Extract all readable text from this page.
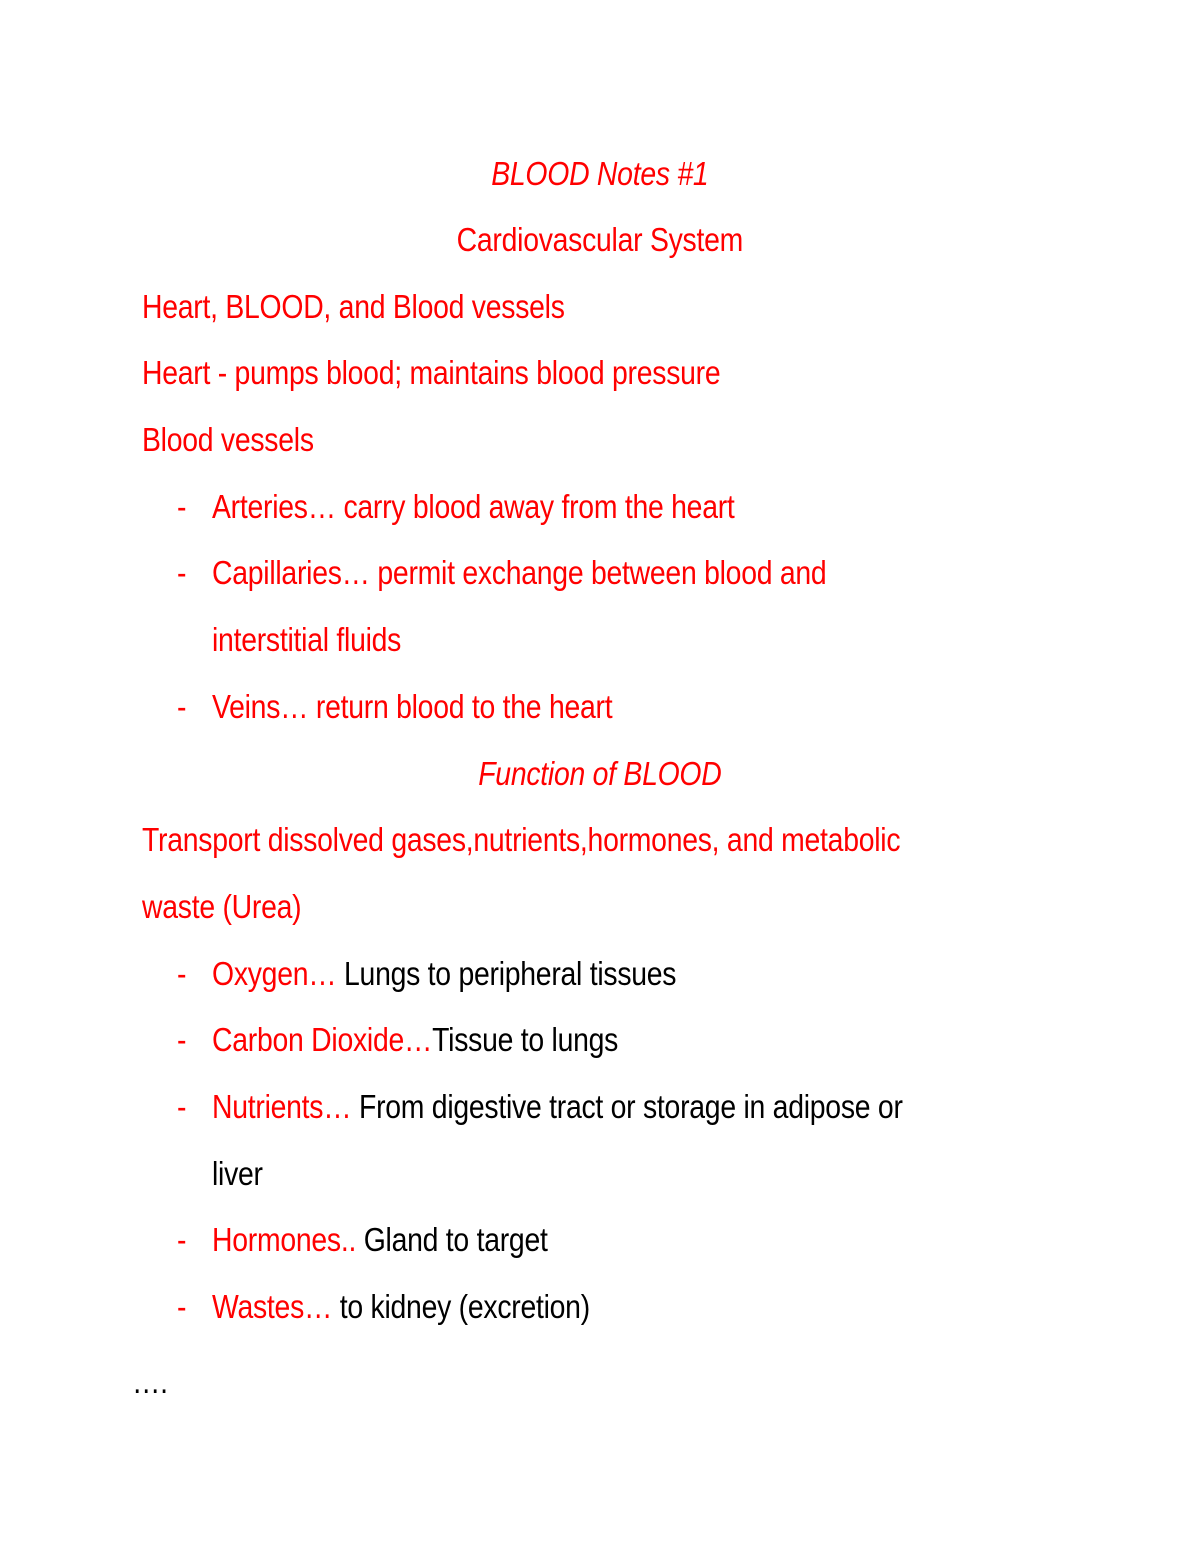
BLOOD Notes #1
Cardiovascular System
Heart, BLOOD, and Blood vessels
Heart - pumps blood; maintains blood pressure
Blood vessels
- Arteries… carry blood away from the heart
- Capillaries… permit exchange between blood and
interstitial fluids
- Veins… return blood to the heart
Function of BLOOD
Transport dissolved gases,nutrients,hormones, and metabolic
waste (Urea)
- Oxygen… Lungs to peripheral tissues
- Carbon Dioxide…Tissue to lungs
- Nutrients… From digestive tract or storage in adipose or
liver
- Hormones.. Gland to target
- Wastes… to kidney (excretion)
….
